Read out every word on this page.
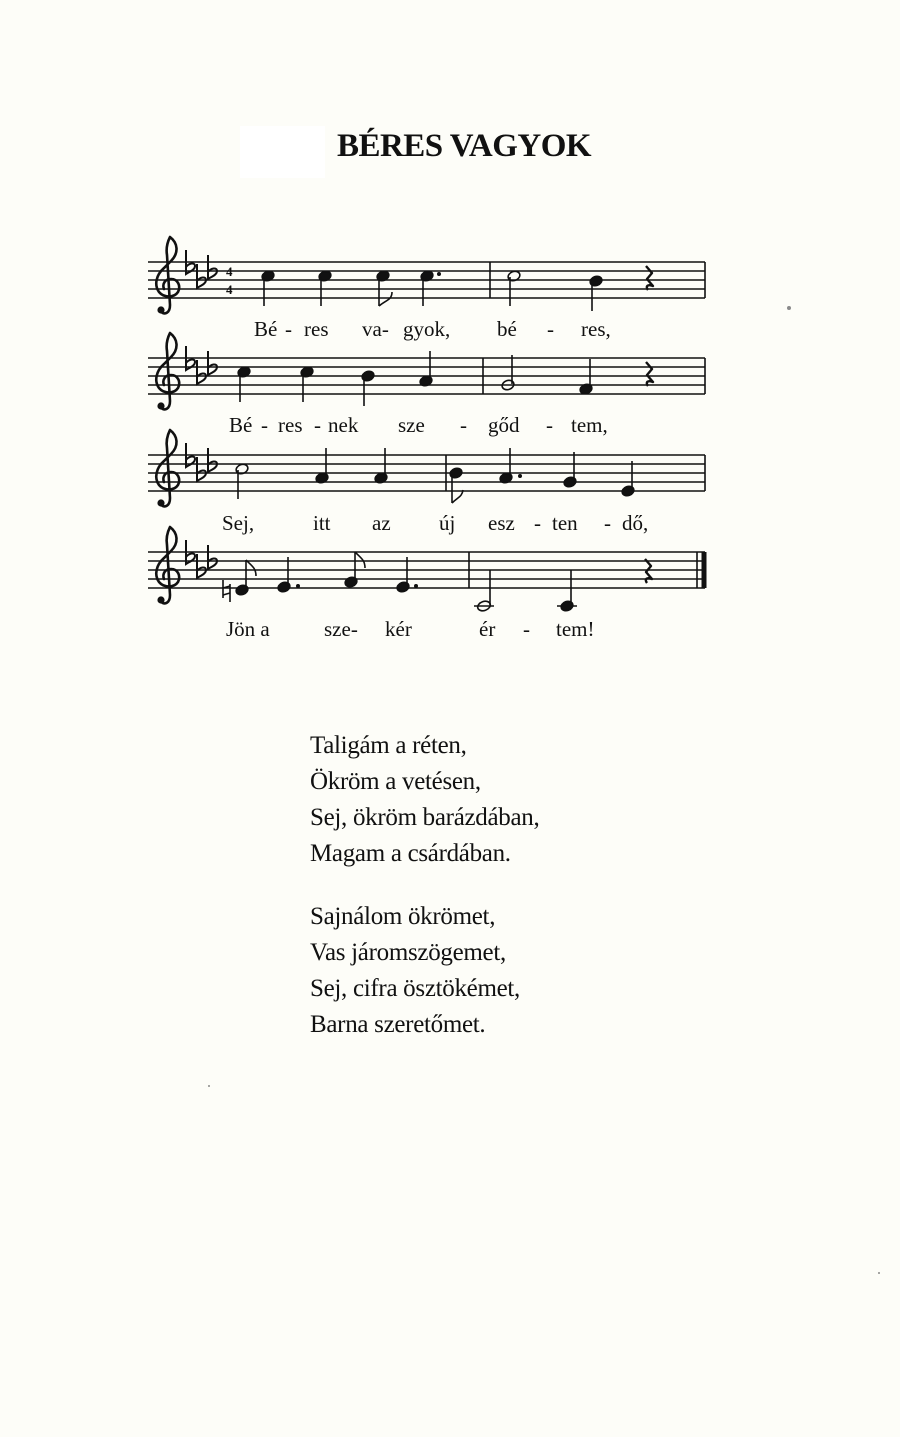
BÉRES VAGYOK
4
4
Bé - res va- gyok, bé - res,
Bé - res - nek sze - gőd - tem,
Sej,	itt az új esz - ten - dő,
Jön a	sze- kér	ér - tem!
Taligám a réten,
Ökröm a vetésen,
Sej, ökröm barázdában,
Magam a csárdában.
Sajnálom ökrömet,
Vas járomszögemet,
Sej, cifra ösztökémet,
Barna szeretőmet.
